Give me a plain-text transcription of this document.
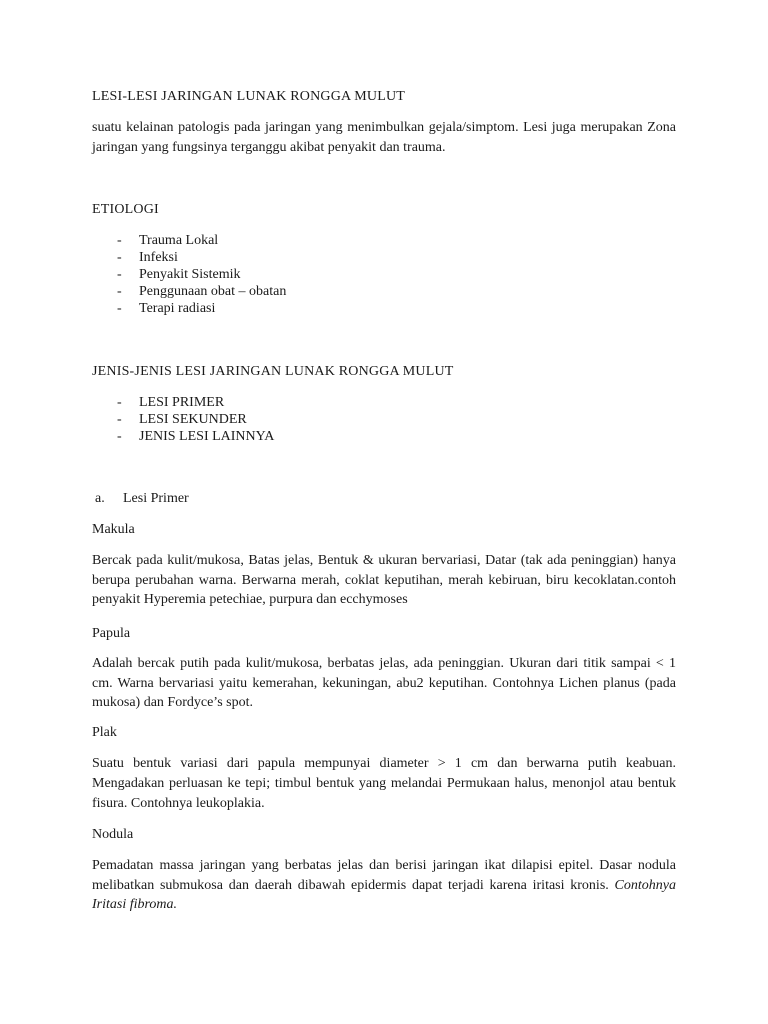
LESI-LESI JARINGAN LUNAK RONGGA MULUT
suatu kelainan patologis pada jaringan yang menimbulkan gejala/simptom. Lesi juga merupakan Zona jaringan yang fungsinya terganggu akibat penyakit dan trauma.
ETIOLOGI
- Trauma Lokal
- Infeksi
- Penyakit Sistemik
- Penggunaan obat – obatan
- Terapi radiasi
JENIS-JENIS LESI JARINGAN LUNAK RONGGA MULUT
- LESI PRIMER
- LESI SEKUNDER
- JENIS LESI LAINNYA
a. Lesi Primer
Makula
Bercak pada kulit/mukosa, Batas jelas, Bentuk & ukuran bervariasi, Datar (tak ada peninggian) hanya berupa perubahan warna. Berwarna merah, coklat keputihan, merah kebiruan, biru kecoklatan.contoh penyakit Hyperemia petechiae, purpura dan ecchymoses
Papula
Adalah bercak putih pada kulit/mukosa, berbatas jelas, ada peninggian. Ukuran dari titik sampai < 1 cm. Warna bervariasi yaitu kemerahan, kekuningan, abu2 keputihan. Contohnya Lichen planus (pada mukosa) dan Fordyce’s spot.
Plak
Suatu bentuk variasi dari papula mempunyai diameter > 1 cm dan berwarna putih keabuan. Mengadakan perluasan ke tepi; timbul bentuk yang melandai Permukaan halus, menonjol atau bentuk fisura. Contohnya leukoplakia.
Nodula
Pemadatan massa jaringan yang berbatas jelas dan berisi jaringan ikat dilapisi epitel. Dasar nodula melibatkan submukosa dan daerah dibawah epidermis dapat terjadi karena iritasi kronis. Contohnya Iritasi fibroma.
